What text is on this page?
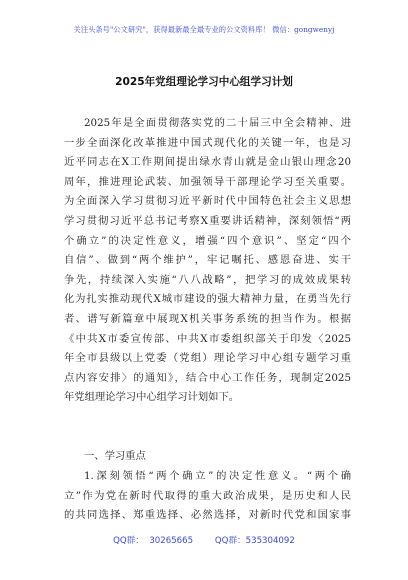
关注头条号"公文研究"，获得最新最全最专业的公文资料库！ 微信：gongwenyj
2025年党组理论学习中心组学习计划
2025年是全面贯彻落实党的二十届三中全会精神、进
一步全面深化改革推进中国式现代化的关键一年，也是习
近平同志在X工作期间提出绿水青山就是金山银山理念20
周年，推进理论武装、加强领导干部理论学习至关重要。
为全面深入学习贯彻习近平新时代中国特色社会主义思想
学习贯彻习近平总书记考察X重要讲话精神，深刻领悟“两
个确立”的决定性意义，增强“四个意识”、坚定“四个
自信”、做到“两个维护”，牢记嘱托、感恩奋进、实干
争先，持续深入实施“八八战略”，把学习的成效成果转
化为扎实推动现代X城市建设的强大精神力量，在勇当先行
者、谱写新篇章中展现X机关事务系统的担当作为。根据
《中共X市委宣传部、中共X市委组织部关于印发〈2025
年全市县级以上党委（党组）理论学习中心组专题学习重
点内容安排〉的通知》，结合中心工作任务，现制定2025
年党组理论学习中心组学习计划如下。
一、学习重点
1.深刻领悟“两个确立”的决定性意义。“两个确
立”作为党在新时代取得的重大政治成果，是历史和人民
的共同选择、郑重选择、必然选择，对新时代党和国家事
QQ群：  30265665        QQ群：535304092
